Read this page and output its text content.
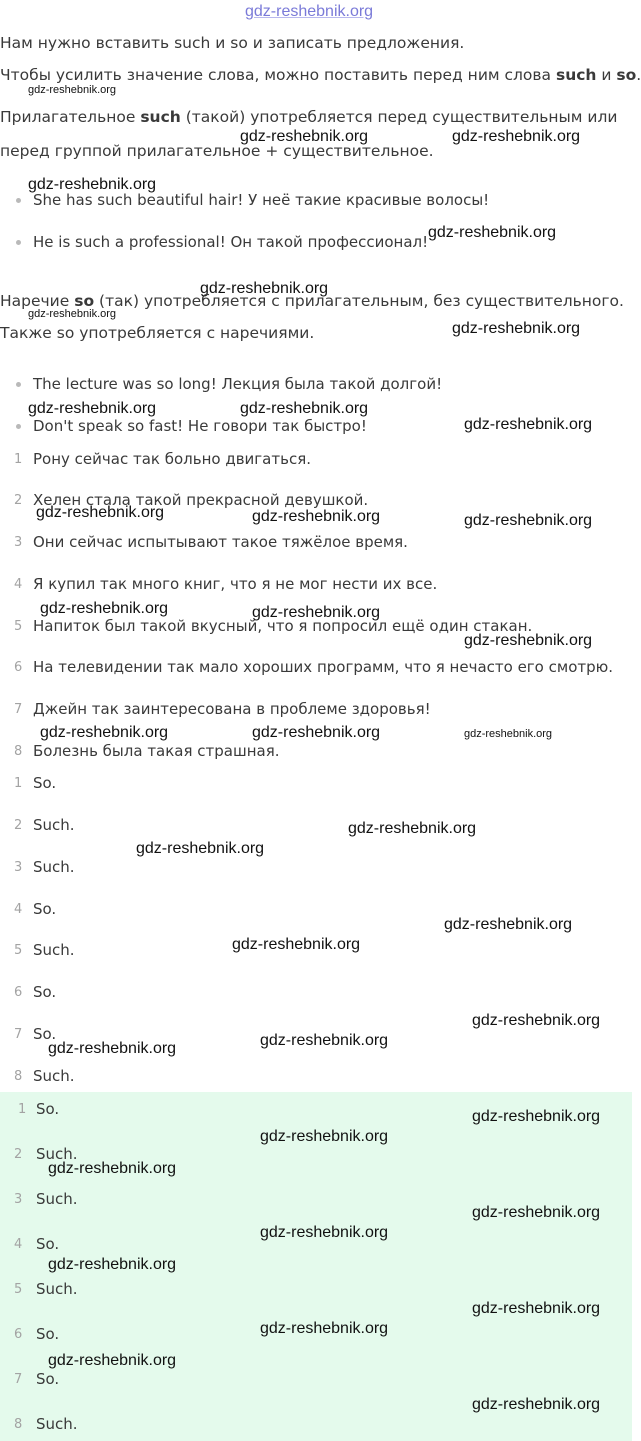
gdz-reshebnik.org
Нам нужно вставить such и so и записать предложения.
Чтобы усилить значение слова, можно поставить перед ним слова such и so.
gdz-reshebnik.org
Прилагательное such (такой) употребляется перед существительным или
gdz-reshebnik.org	gdz-reshebnik.org
перед группой прилагательное + существительное.
gdz-reshebnik.org
She has such beautiful hair! У неё такие красивые волосы!
He is such a professional! Он такой профессионал!
gdz-reshebnik.org
gdz-reshebnik.org
Наречие so (так) употребляется с прилагательным, без существительного.
gdz-reshebnik.org
Также so употребляется с наречиями.	gdz-reshebnik.org
The lecture was so long! Лекция была такой долгой!
gdz-reshebnik.org	gdz-reshebnik.org
Don't speak so fast! Не говори так быстро!	gdz-reshebnik.org
1 Рону сейчас так больно двигаться.
2 Хелен стала такой прекрасной девушкой.
gdz-reshebnik.org	gdz-reshebnik.org	gdz-reshebnik.org
3 Они сейчас испытывают такое тяжёлое время.
4 Я купил так много книг, что я не мог нести их все.
gdz-reshebnik.org	gdz-reshebnik.org
5 Напиток был такой вкусный, что я попросил ещё один стакан.
gdz-reshebnik.org
6 На телевидении так мало хороших программ, что я нечасто его смотрю.
7 Джейн так заинтересована в проблеме здоровья!
gdz-reshebnik.org	gdz-reshebnik.org	gdz-reshebnik.org
8 Болезнь была такая страшная.
1 So.
2 Such.	gdz-reshebnik.org
gdz-reshebnik.org
3 Such.
4 So.
gdz-reshebnik.org
5 Such.	gdz-reshebnik.org
6 So.
7 So.
gdz-reshebnik.org
gdz-reshebnik.org
gdz-reshebnik.org
8 Such.
1 So.	gdz-reshebnik.org
gdz-reshebnik.org
2 Such.
gdz-reshebnik.org
3 Such.
gdz-reshebnik.org
gdz-reshebnik.org
4 So.
gdz-reshebnik.org
5 Such.
gdz-reshebnik.org
gdz-reshebnik.org
6 So.
gdz-reshebnik.org
7 So.
gdz-reshebnik.org
8 Such.
